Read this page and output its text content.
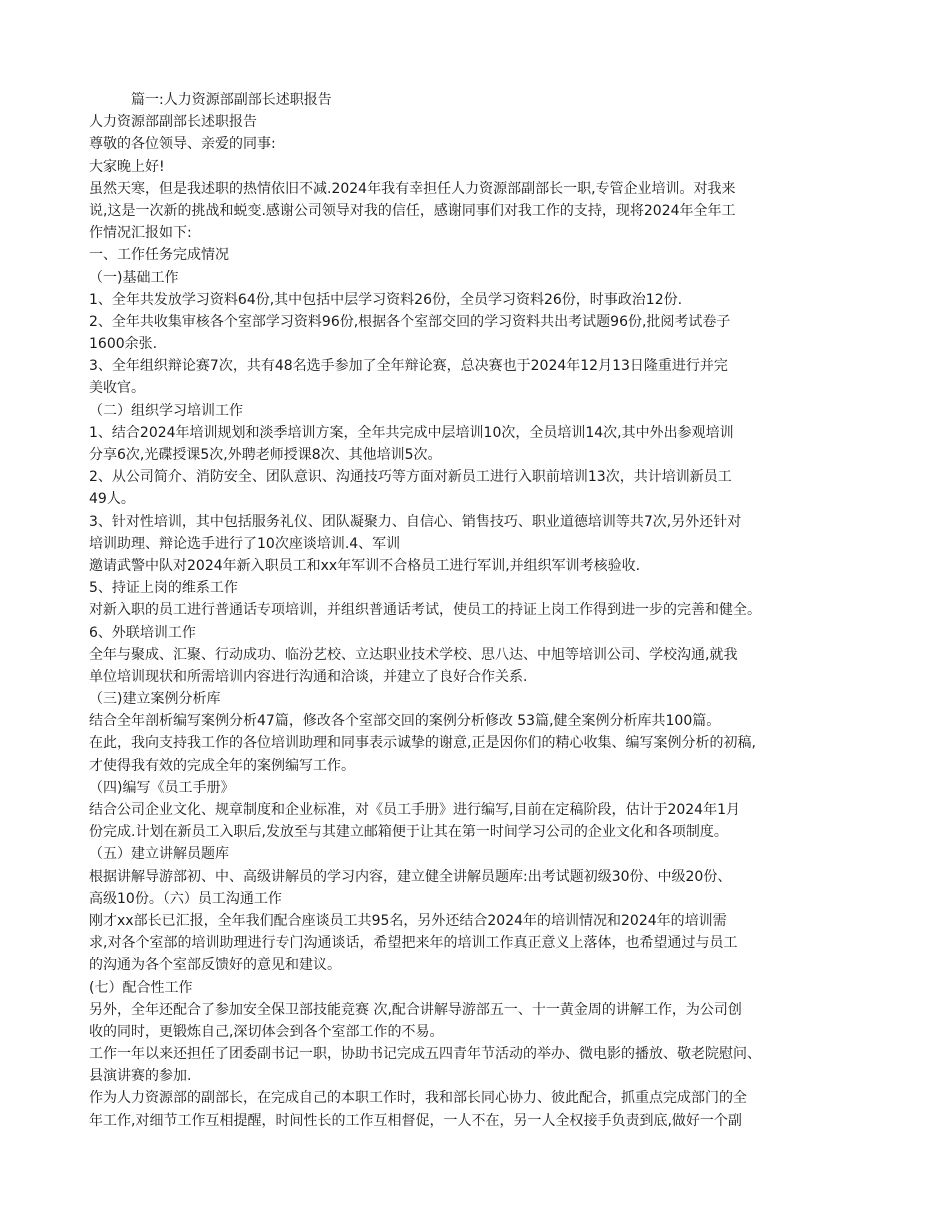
篇一:人力资源部副部长述职报告

人力资源部副部长述职报告

尊敬的各位领导、亲爱的同事:

大家晚上好!

虽然天寒，但是我述职的热情依旧不减.2024年我有幸担任人力资源部副部长一职,专管企业培训。对我来

说,这是一次新的挑战和蜕变.感谢公司领导对我的信任，感谢同事们对我工作的支持，现将2024年全年工

作情况汇报如下:

一、工作任务完成情况

（一)基础工作

1、全年共发放学习资料64份,其中包括中层学习资料26份，全员学习资料26份，时事政治12份.

2、全年共收集审核各个室部学习资料96份,根据各个室部交回的学习资料共出考试题96份,批阅考试卷子

1600余张.

3、全年组织辩论赛7次，共有48名选手参加了全年辩论赛，总决赛也于2024年12月13日隆重进行并完

美收官。

（二）组织学习培训工作

1、结合2024年培训规划和淡季培训方案，全年共完成中层培训10次，全员培训14次,其中外出参观培训

分享6次,光碟授课5次,外聘老师授课8次、其他培训5次。

2、从公司简介、消防安全、团队意识、沟通技巧等方面对新员工进行入职前培训13次，共计培训新员工

49人。

3、针对性培训，其中包括服务礼仪、团队凝聚力、自信心、销售技巧、职业道德培训等共7次,另外还针对

培训助理、辩论选手进行了10次座谈培训.4、军训

邀请武警中队对2024年新入职员工和xx年军训不合格员工进行军训,并组织军训考核验收.

5、持证上岗的维系工作

对新入职的员工进行普通话专项培训，并组织普通话考试，使员工的持证上岗工作得到进一步的完善和健全。

6、外联培训工作

全年与聚成、汇聚、行动成功、临汾艺校、立达职业技术学校、思八达、中旭等培训公司、学校沟通,就我

单位培训现状和所需培训内容进行沟通和洽谈，并建立了良好合作关系.

（三)建立案例分析库

结合全年剖析编写案例分析47篇，修改各个室部交回的案例分析修改 53篇,健全案例分析库共100篇。

在此，我向支持我工作的各位培训助理和同事表示诚挚的谢意,正是因你们的精心收集、编写案例分析的初稿,

才使得我有效的完成全年的案例编写工作。

（四)编写《员工手册》

结合公司企业文化、规章制度和企业标准，对《员工手册》进行编写,目前在定稿阶段，估计于2024年1月

份完成.计划在新员工入职后,发放至与其建立邮箱便于让其在第一时间学习公司的企业文化和各项制度。

（五）建立讲解员题库

根据讲解导游部初、中、高级讲解员的学习内容，建立健全讲解员题库:出考试题初级30份、中级20份、

高级10份。（六）员工沟通工作

刚才xx部长已汇报，全年我们配合座谈员工共95名，另外还结合2024年的培训情况和2024年的培训需

求,对各个室部的培训助理进行专门沟通谈话，希望把来年的培训工作真正意义上落体，也希望通过与员工

的沟通为各个室部反馈好的意见和建议。

(七）配合性工作

另外，全年还配合了参加安全保卫部技能竞赛 次,配合讲解导游部五一、十一黄金周的讲解工作，为公司创

收的同时，更锻炼自己,深切体会到各个室部工作的不易。

工作一年以来还担任了团委副书记一职，协助书记完成五四青年节活动的举办、微电影的播放、敬老院慰问、

县演讲赛的参加.

作为人力资源部的副部长，在完成自己的本职工作时，我和部长同心协力、彼此配合，抓重点完成部门的全

年工作,对细节工作互相提醒，时间性长的工作互相督促，一人不在，另一人全权接手负责到底,做好一个副
